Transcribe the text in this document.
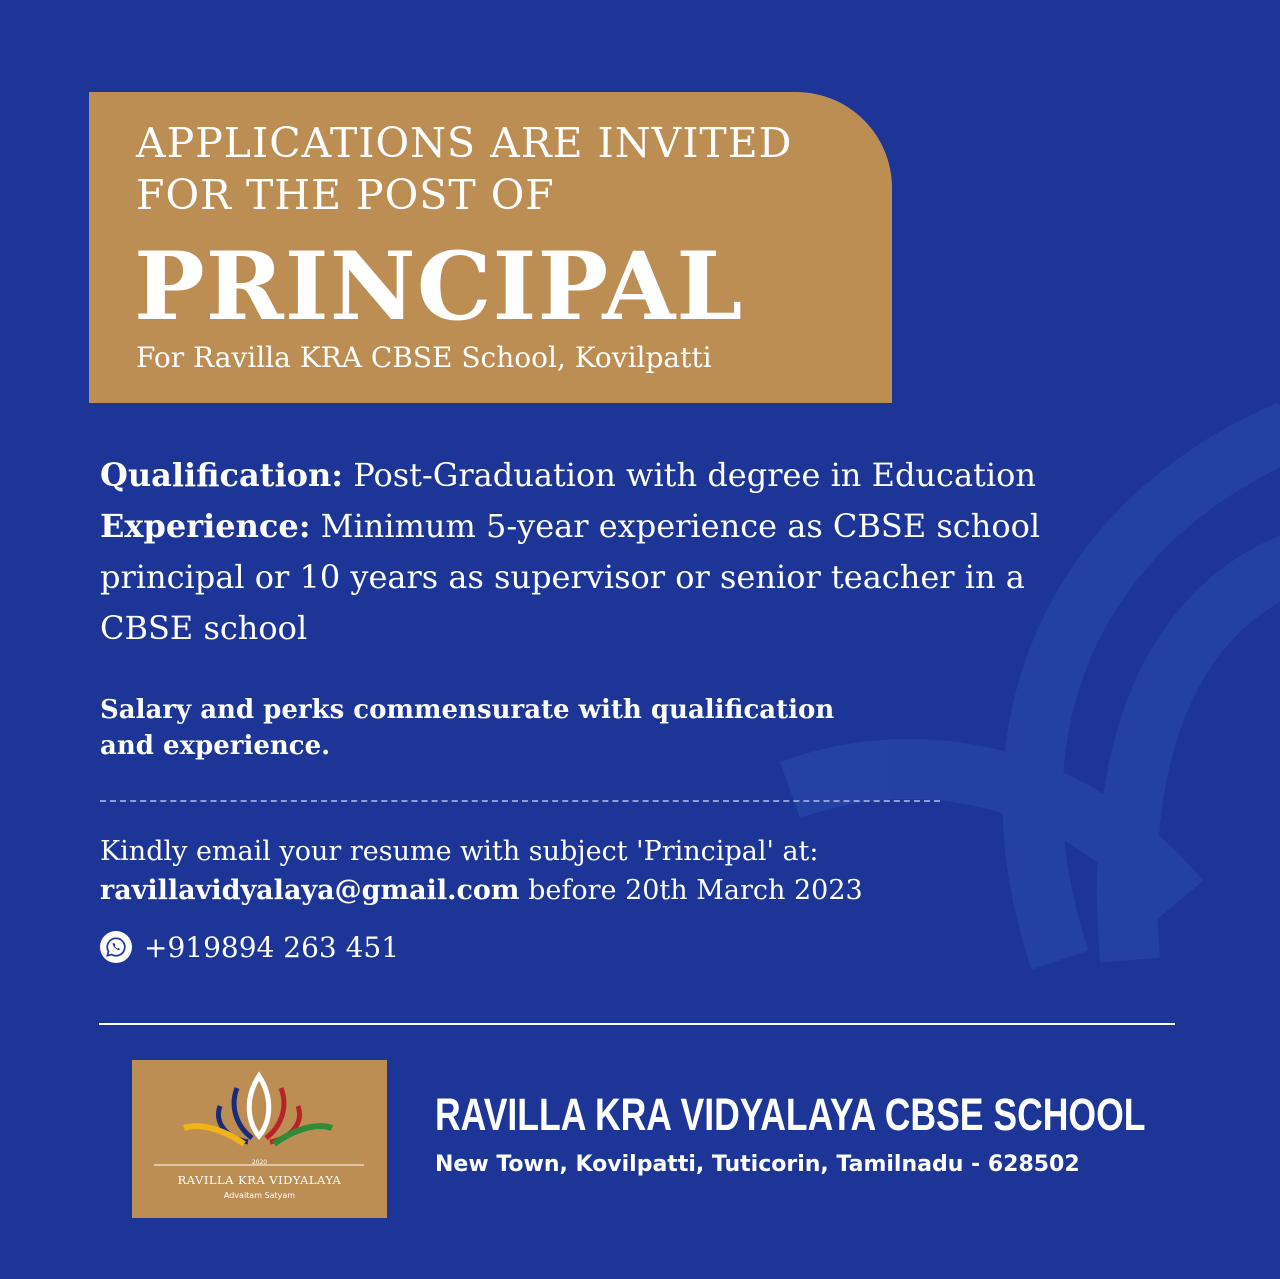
APPLICATIONS ARE INVITED
FOR THE POST OF
PRINCIPAL
For Ravilla KRA CBSE School, Kovilpatti
Qualification: Post-Graduation with degree in Education
Experience: Minimum 5-year experience as CBSE school
principal or 10 years as supervisor or senior teacher in a
CBSE school
Salary and perks commensurate with qualification
and experience.
Kindly email your resume with subject 'Principal' at:
ravillavidyalaya@gmail.com before 20th March 2023
+919894 263 451
2020
RAVILLA KRA VIDYALAYA
Advaitam Satyam
RAVILLA KRA VIDYALAYA CBSE SCHOOL
New Town, Kovilpatti, Tuticorin, Tamilnadu - 628502
